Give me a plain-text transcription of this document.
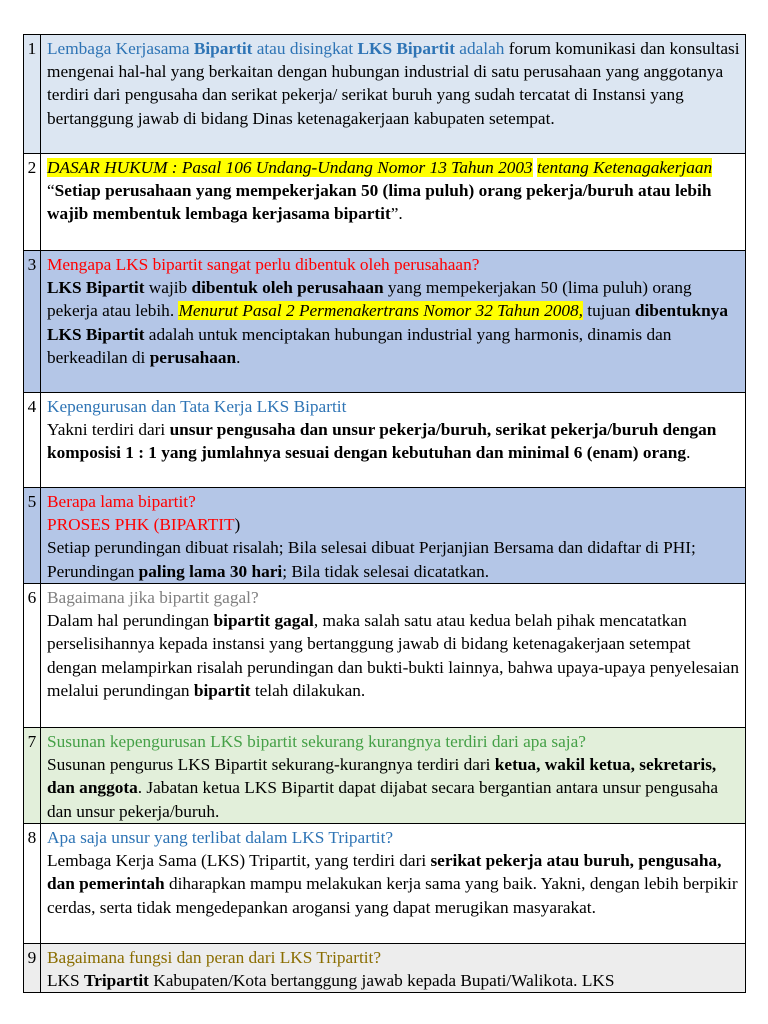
1	Lembaga Kerjasama Bipartit atau disingkat LKS Bipartit adalah forum komunikasi dan konsultasi mengenai hal-hal yang berkaitan dengan hubungan industrial di satu perusahaan yang anggotanya terdiri dari pengusaha dan serikat pekerja/ serikat buruh yang sudah tercatat di Instansi yang bertanggung jawab di bidang Dinas ketenagakerjaan kabupaten setempat.
2	DASAR HUKUM : Pasal 106 Undang-Undang Nomor 13 Tahun 2003 tentang Ketenagakerjaan “Setiap perusahaan yang mempekerjakan 50 (lima puluh) orang pekerja/buruh atau lebih wajib membentuk lembaga kerjasama bipartit”.
3	Mengapa LKS bipartit sangat perlu dibentuk oleh perusahaan?
LKS Bipartit wajib dibentuk oleh perusahaan yang mempekerjakan 50 (lima puluh) orang pekerja atau lebih. Menurut Pasal 2 Permenakertrans Nomor 32 Tahun 2008, tujuan dibentuknya LKS Bipartit adalah untuk menciptakan hubungan industrial yang harmonis, dinamis dan berkeadilan di perusahaan.
4	Kepengurusan dan Tata Kerja LKS Bipartit
Yakni terdiri dari unsur pengusaha dan unsur pekerja/buruh, serikat pekerja/buruh dengan komposisi 1 : 1 yang jumlahnya sesuai dengan kebutuhan dan minimal 6 (enam) orang.
5	Berapa lama bipartit?
PROSES PHK (BIPARTIT)
Setiap perundingan dibuat risalah; Bila selesai dibuat Perjanjian Bersama dan didaftar di PHI; Perundingan paling lama 30 hari; Bila tidak selesai dicatatkan.
6	Bagaimana jika bipartit gagal?
Dalam hal perundingan bipartit gagal, maka salah satu atau kedua belah pihak mencatatkan perselisihannya kepada instansi yang bertanggung jawab di bidang ketenagakerjaan setempat dengan melampirkan risalah perundingan dan bukti-bukti lainnya, bahwa upaya-upaya penyelesaian melalui perundingan bipartit telah dilakukan.
7	Susunan kepengurusan LKS bipartit sekurang kurangnya terdiri dari apa saja?
Susunan pengurus LKS Bipartit sekurang-kurangnya terdiri dari ketua, wakil ketua, sekretaris, dan anggota. Jabatan ketua LKS Bipartit dapat dijabat secara bergantian antara unsur pengusaha dan unsur pekerja/buruh.
8	Apa saja unsur yang terlibat dalam LKS Tripartit?
Lembaga Kerja Sama (LKS) Tripartit, yang terdiri dari serikat pekerja atau buruh, pengusaha, dan pemerintah diharapkan mampu melakukan kerja sama yang baik. Yakni, dengan lebih berpikir cerdas, serta tidak mengedepankan arogansi yang dapat merugikan masyarakat.
9	Bagaimana fungsi dan peran dari LKS Tripartit?
LKS Tripartit Kabupaten/Kota bertanggung jawab kepada Bupati/Walikota. LKS
